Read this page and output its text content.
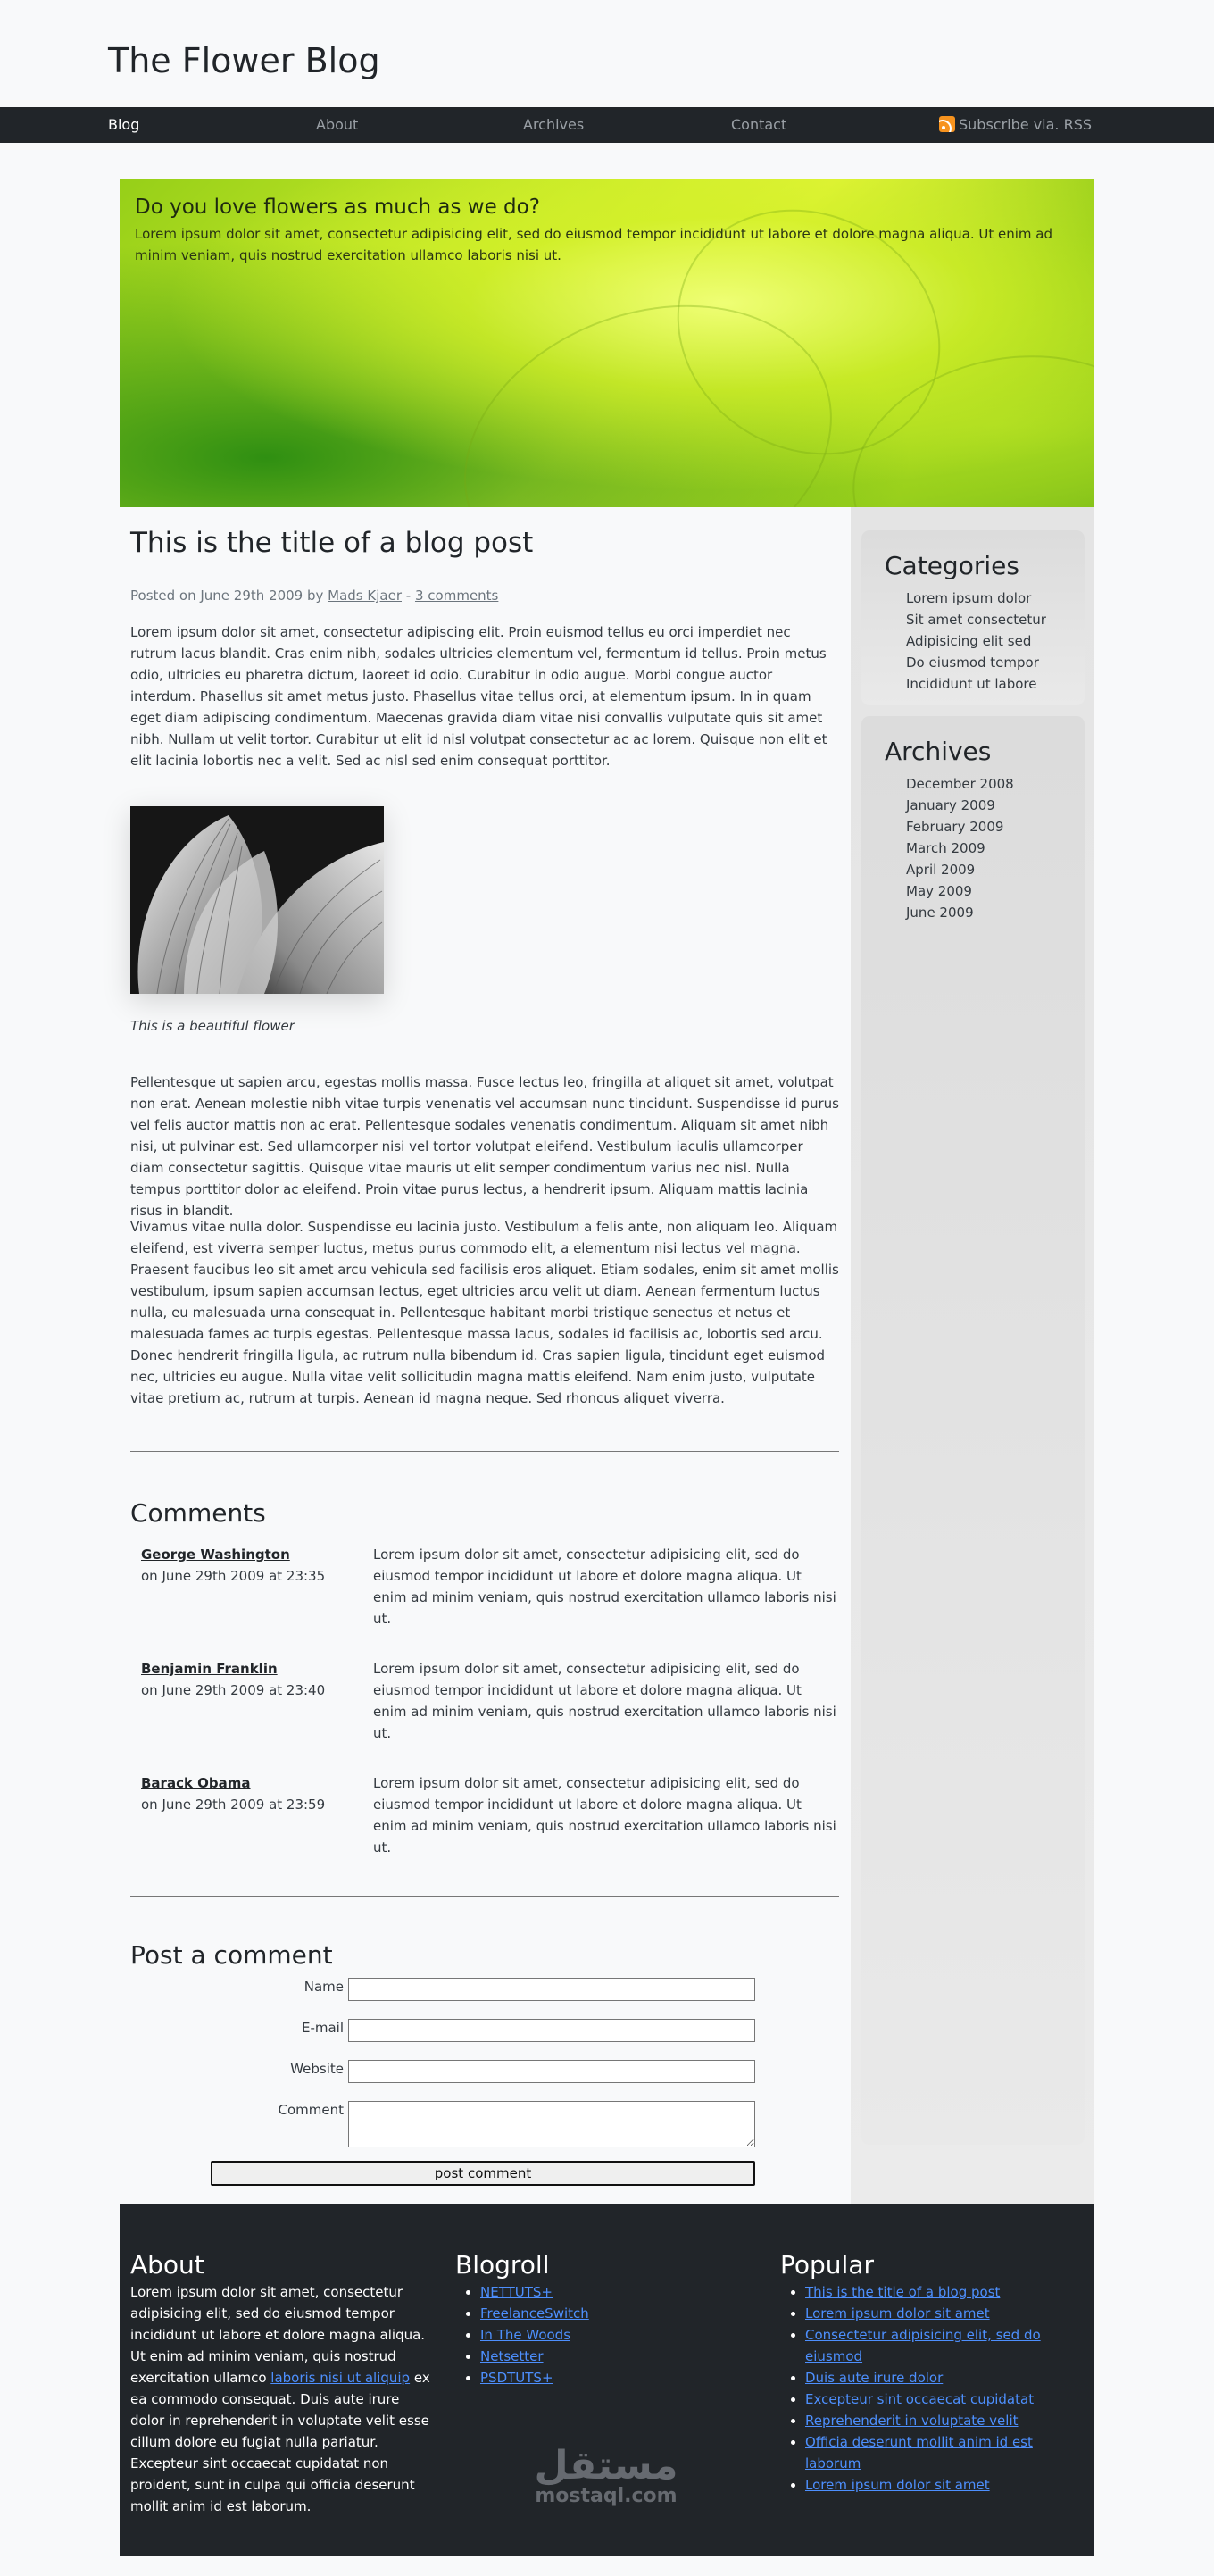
The Flower Blog
Blog	About	Archives	Contact	Subscribe via. RSS
Do you love flowers as much as we do?

Lorem ipsum dolor sit amet, consectetur adipisicing elit, sed do eiusmod tempor incididunt ut labore et dolore magna aliqua. Ut enim ad minim veniam, quis nostrud exercitation ullamco laboris nisi ut.

This is the title of a blog post
Posted on June 29th 2009 by Mads Kjaer - 3 comments

Lorem ipsum dolor sit amet, consectetur adipiscing elit. Proin euismod tellus eu orci imperdiet nec rutrum lacus blandit. Cras enim nibh, sodales ultricies elementum vel, fermentum id tellus. Proin metus odio, ultricies eu pharetra dictum, laoreet id odio. Curabitur in odio augue. Morbi congue auctor interdum. Phasellus sit amet metus justo. Phasellus vitae tellus orci, at elementum ipsum. In in quam eget diam adipiscing condimentum. Maecenas gravida diam vitae nisi convallis vulputate quis sit amet nibh. Nullam ut velit tortor. Curabitur ut elit id nisl volutpat consectetur ac ac lorem. Quisque non elit et elit lacinia lobortis nec a velit. Sed ac nisl sed enim consequat porttitor.

This is a beautiful flower

Pellentesque ut sapien arcu, egestas mollis massa. Fusce lectus leo, fringilla at aliquet sit amet, volutpat non erat. Aenean molestie nibh vitae turpis venenatis vel accumsan nunc tincidunt. Suspendisse id purus vel felis auctor mattis non ac erat. Pellentesque sodales venenatis condimentum. Aliquam sit amet nibh nisi, ut pulvinar est. Sed ullamcorper nisi vel tortor volutpat eleifend. Vestibulum iaculis ullamcorper diam consectetur sagittis. Quisque vitae mauris ut elit semper condimentum varius nec nisl. Nulla tempus porttitor dolor ac eleifend. Proin vitae purus lectus, a hendrerit ipsum. Aliquam mattis lacinia risus in blandit.

Vivamus vitae nulla dolor. Suspendisse eu lacinia justo. Vestibulum a felis ante, non aliquam leo. Aliquam eleifend, est viverra semper luctus, metus purus commodo elit, a elementum nisi lectus vel magna. Praesent faucibus leo sit amet arcu vehicula sed facilisis eros aliquet. Etiam sodales, enim sit amet mollis vestibulum, ipsum sapien accumsan lectus, eget ultricies arcu velit ut diam. Aenean fermentum luctus nulla, eu malesuada urna consequat in. Pellentesque habitant morbi tristique senectus et netus et malesuada fames ac turpis egestas. Pellentesque massa lacus, sodales id facilisis ac, lobortis sed arcu. Donec hendrerit fringilla ligula, ac rutrum nulla bibendum id. Cras sapien ligula, tincidunt eget euismod nec, ultricies eu augue. Nulla vitae velit sollicitudin magna mattis eleifend. Nam enim justo, vulputate vitae pretium ac, rutrum at turpis. Aenean id magna neque. Sed rhoncus aliquet viverra.

Comments
George Washington
on June 29th 2009 at 23:35
Lorem ipsum dolor sit amet, consectetur adipisicing elit, sed do eiusmod tempor incididunt ut labore et dolore magna aliqua. Ut enim ad minim veniam, quis nostrud exercitation ullamco laboris nisi ut.
Benjamin Franklin
on June 29th 2009 at 23:40
Lorem ipsum dolor sit amet, consectetur adipisicing elit, sed do eiusmod tempor incididunt ut labore et dolore magna aliqua. Ut enim ad minim veniam, quis nostrud exercitation ullamco laboris nisi ut.
Barack Obama
on June 29th 2009 at 23:59
Lorem ipsum dolor sit amet, consectetur adipisicing elit, sed do eiusmod tempor incididunt ut labore et dolore magna aliqua. Ut enim ad minim veniam, quis nostrud exercitation ullamco laboris nisi ut.
Post a comment
Name
E-mail
Website
Comment
post comment
Categories
Lorem ipsum dolor
Sit amet consectetur
Adipisicing elit sed
Do eiusmod tempor
Incididunt ut labore
Archives
December 2008
January 2009
February 2009
March 2009
April 2009
May 2009
June 2009
About

Lorem ipsum dolor sit amet, consectetur adipisicing elit, sed do eiusmod tempor incididunt ut labore et dolore magna aliqua. Ut enim ad minim veniam, quis nostrud exercitation ullamco laboris nisi ut aliquip ex ea commodo consequat. Duis aute irure dolor in reprehenderit in voluptate velit esse cillum dolore eu fugiat nulla pariatur. Excepteur sint occaecat cupidatat non proident, sunt in culpa qui officia deserunt mollit anim id est laborum.

Blogroll
• NETTUTS+
• FreelanceSwitch
• In The Woods
• Netsetter
• PSDTUTS+
Popular
• This is the title of a blog post
• Lorem ipsum dolor sit amet
• Consectetur adipisicing elit, sed do eiusmod
• Duis aute irure dolor
• Excepteur sint occaecat cupidatat
• Reprehenderit in voluptate velit
• Officia deserunt mollit anim id est laborum
• Lorem ipsum dolor sit amet
مستقل
mostaql.com
